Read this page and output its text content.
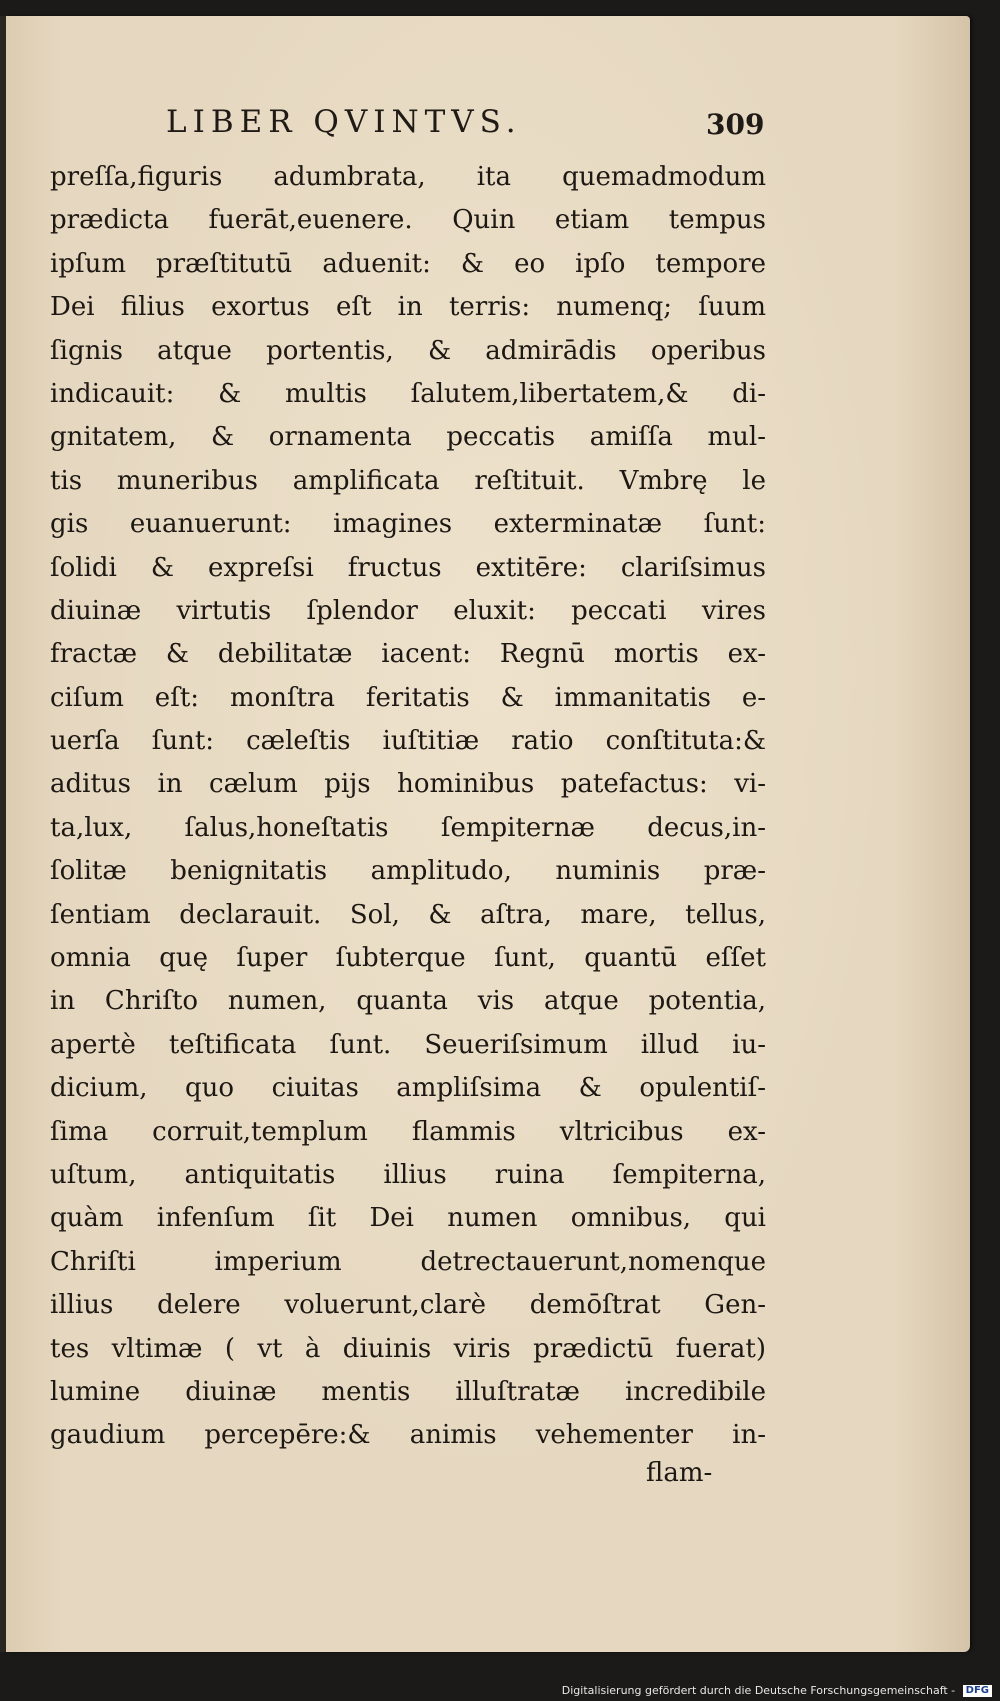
LIBER QVINTVS.	309
preſſa,figuris adumbrata, ita quemadmodum
prædicta fuerāt,euenere. Quin etiam tempus
ipſum præſtitutū aduenit: & eo ipſo tempore
Dei filius exortus eſt in terris: numenq; ſuum
ſignis atque portentis, & admirādis operibus
indicauit: & multis ſalutem,libertatem,& di-
gnitatem, & ornamenta peccatis amiſſa mul-
tis muneribus amplificata reſtituit. Vmbrę le
gis euanuerunt: imagines exterminatæ ſunt:
ſolidi & expreſsi fructus extitēre: clariſsimus
diuinæ virtutis ſplendor eluxit: peccati vires
fractæ & debilitatæ iacent: Regnū mortis ex-
ciſum eſt: monſtra feritatis & immanitatis e-
uerſa ſunt: cæleſtis iuſtitiæ ratio conſtituta:&
aditus in cælum pijs hominibus patefactus: vi-
ta,lux, ſalus,honeſtatis ſempiternæ decus,in-
ſolitæ benignitatis amplitudo, numinis præ-
ſentiam declarauit. Sol, & aſtra, mare, tellus,
omnia quę ſuper ſubterque ſunt, quantū eſſet
in Chriſto numen, quanta vis atque potentia,
apertè teſtificata ſunt. Seueriſsimum illud iu-
dicium, quo ciuitas ampliſsima & opulentiſ-
ſima corruit,templum flammis vltricibus ex-
uſtum, antiquitatis illius ruina ſempiterna,
quàm infenſum ſit Dei numen omnibus, qui
Chriſti imperium detrectauerunt,nomenque
illius delere voluerunt,clarè demōſtrat Gen-
tes vltimæ ( vt à diuinis viris prædictū fuerat)
lumine diuinæ mentis illuſtratæ incredibile
gaudium percepēre:& animis vehementer in-
flam-
Digitalisierung gefördert durch die Deutsche Forschungsgemeinschaft - DFG
